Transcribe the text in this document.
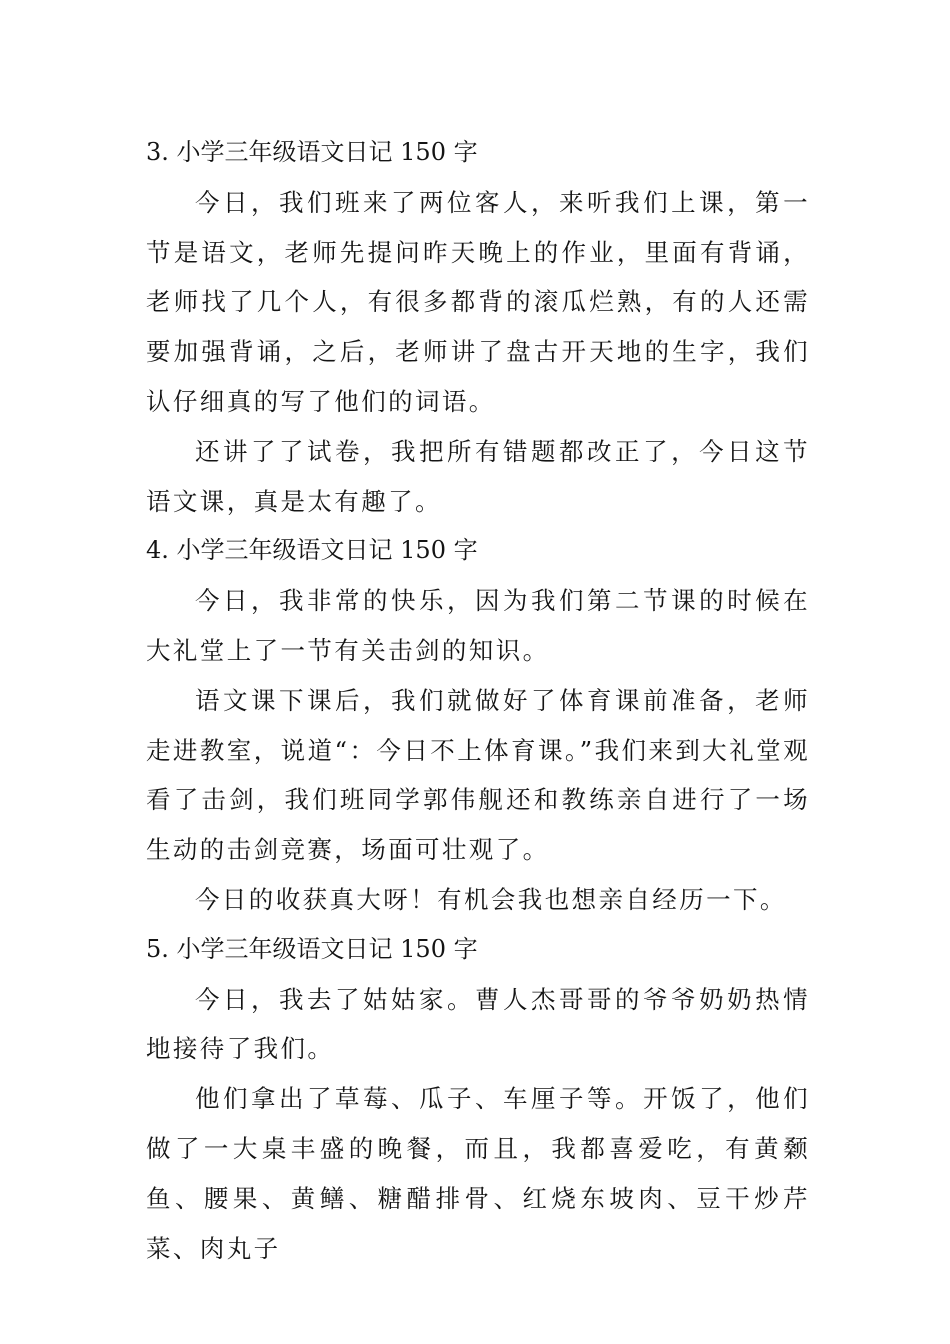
3. 小学三年级语文日记 150 字

今日，我们班来了两位客人，来听我们上课，第一节是语文，老师先提问昨天晚上的作业，里面有背诵，老师找了几个人，有很多都背的滚瓜烂熟，有的人还需要加强背诵，之后，老师讲了盘古开天地的生字，我们认仔细真的写了他们的词语。

还讲了了试卷，我把所有错题都改正了，今日这节语文课，真是太有趣了。

4. 小学三年级语文日记 150 字

今日，我非常的快乐，因为我们第二节课的时候在大礼堂上了一节有关击剑的知识。

语文课下课后，我们就做好了体育课前准备，老师走进教室，说道“：今日不上体育课。”我们来到大礼堂观看了击剑，我们班同学郭伟舰还和教练亲自进行了一场生动的击剑竞赛，场面可壮观了。

今日的收获真大呀！有机会我也想亲自经历一下。

5. 小学三年级语文日记 150 字

今日，我去了姑姑家。曹人杰哥哥的爷爷奶奶热情地接待了我们。

他们拿出了草莓、瓜子、车厘子等。开饭了，他们做了一大桌丰盛的晚餐，而且，我都喜爱吃，有黄颡鱼、腰果、黄鳝、糖醋排骨、红烧东坡肉、豆干炒芹菜、肉丸子
